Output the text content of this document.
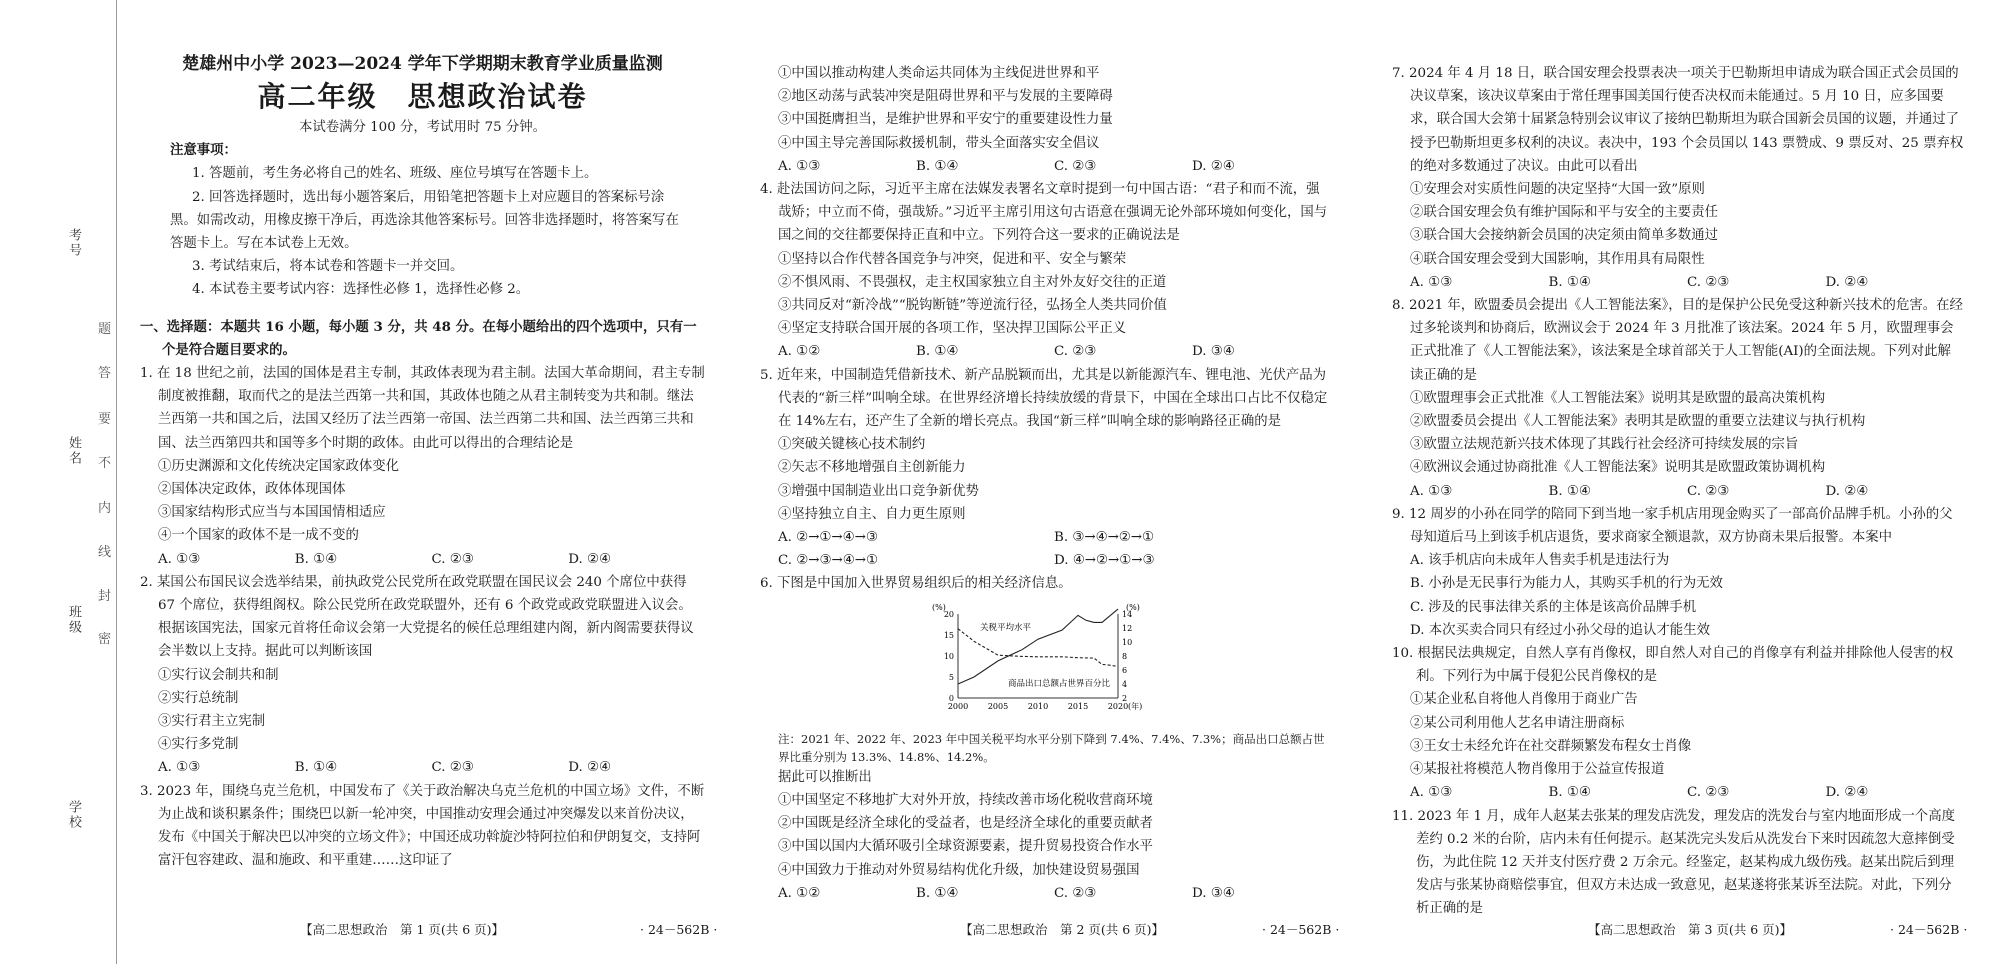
考号
姓名
班级
学校
题
答
要
不
内
线
封
密

楚雄州中小学 2023—2024 学年下学期期末教育学业质量监测

高二年级　思想政治试卷

本试卷满分 100 分，考试用时 75 分钟。

注意事项：

1. 答题前，考生务必将自己的姓名、班级、座位号填写在答题卡上。

2. 回答选择题时，选出每小题答案后，用铅笔把答题卡上对应题目的答案标号涂

黑。如需改动，用橡皮擦干净后，再选涂其他答案标号。回答非选择题时，将答案写在

答题卡上。写在本试卷上无效。

3. 考试结束后，将本试卷和答题卡一并交回。

4. 本试卷主要考试内容：选择性必修 1，选择性必修 2。

一、选择题：本题共 16 小题，每小题 3 分，共 48 分。在每小题给出的四个选项中，只有一个是符合题目要求的。

1. 在 18 世纪之前，法国的国体是君主专制，其政体表现为君主制。法国大革命期间，君主专制制度被推翻，取而代之的是法兰西第一共和国，其政体也随之从君主制转变为共和制。继法兰西第一共和国之后，法国又经历了法兰西第一帝国、法兰西第二共和国、法兰西第三共和国、法兰西第四共和国等多个时期的政体。由此可以得出的合理结论是

①历史渊源和文化传统决定国家政体变化

②国体决定政体，政体体现国体

③国家结构形式应当与本国国情相适应

④一个国家的政体不是一成不变的

A. ①③	B. ①④	C. ②③	D. ②④

2. 某国公布国民议会选举结果，前执政党公民党所在政党联盟在国民议会 240 个席位中获得 67 个席位，获得组阁权。除公民党所在政党联盟外，还有 6 个政党或政党联盟进入议会。根据该国宪法，国家元首将任命议会第一大党提名的候任总理组建内阁，新内阁需要获得议会半数以上支持。据此可以判断该国

①实行议会制共和制

②实行总统制

③实行君主立宪制

④实行多党制

A. ①③	B. ①④	C. ②③	D. ②④

3. 2023 年，围绕乌克兰危机，中国发布了《关于政治解决乌克兰危机的中国立场》文件，不断为止战和谈积累条件；围绕巴以新一轮冲突，中国推动安理会通过冲突爆发以来首份决议，发布《中国关于解决巴以冲突的立场文件》；中国还成功斡旋沙特阿拉伯和伊朗复交，支持阿富汗包容建政、温和施政、和平重建……这印证了

【高二思想政治　第 1 页(共 6 页)】	· 24－562B ·

①中国以推动构建人类命运共同体为主线促进世界和平

②地区动荡与武装冲突是阻碍世界和平与发展的主要障碍

③中国挺膺担当，是维护世界和平安宁的重要建设性力量

④中国主导完善国际救援机制，带头全面落实安全倡议

A. ①③	B. ①④	C. ②③	D. ②④

4. 赴法国访问之际，习近平主席在法媒发表署名文章时提到一句中国古语：“君子和而不流，强哉矫；中立而不倚，强哉矫。”习近平主席引用这句古语意在强调无论外部环境如何变化，国与国之间的交往都要保持正直和中立。下列符合这一要求的正确说法是

①坚持以合作代替各国竞争与冲突，促进和平、安全与繁荣

②不惧风雨、不畏强权，走主权国家独立自主对外友好交往的正道

③共同反对“新冷战”“脱钩断链”等逆流行径，弘扬全人类共同价值

④坚定支持联合国开展的各项工作，坚决捍卫国际公平正义

A. ①②	B. ①④	C. ②③	D. ③④

5. 近年来，中国制造凭借新技术、新产品脱颖而出，尤其是以新能源汽车、锂电池、光伏产品为代表的“新三样”叫响全球。在世界经济增长持续放缓的背景下，中国在全球出口占比不仅稳定在 14%左右，还产生了全新的增长亮点。我国“新三样”叫响全球的影响路径正确的是

①突破关键核心技术制约

②矢志不移地增强自主创新能力

③增强中国制造业出口竞争新优势

④坚持独立自主、自力更生原则

A. ②→①→④→③	B. ③→④→②→①
C. ②→③→④→①	D. ④→②→①→③

6. 下图是中国加入世界贸易组织后的相关经济信息。

(%)	(%)
0
5
10
15
20
2
4
6
8
10
12
14
2000 2005 2010 2015 2020 (年)
关税平均水平
商品出口总额占世界百分比

注：2021 年、2022 年、2023 年中国关税平均水平分别下降到 7.4%、7.4%、7.3%；商品出口总额占世界比重分别为 13.3%、14.8%、14.2%。

据此可以推断出

①中国坚定不移地扩大对外开放，持续改善市场化税收营商环境

②中国既是经济全球化的受益者，也是经济全球化的重要贡献者

③中国以国内大循环吸引全球资源要素，提升贸易投资合作水平

④中国致力于推动对外贸易结构优化升级，加快建设贸易强国

A. ①②	B. ①④	C. ②③	D. ③④
【高二思想政治　第 2 页(共 6 页)】	· 24－562B ·

7. 2024 年 4 月 18 日，联合国安理会投票表决一项关于巴勒斯坦申请成为联合国正式会员国的决议草案，该决议草案由于常任理事国美国行使否决权而未能通过。5 月 10 日，应多国要求，联合国大会第十届紧急特别会议审议了接纳巴勒斯坦为联合国新会员国的议题，并通过了授予巴勒斯坦更多权利的决议。表决中，193 个会员国以 143 票赞成、9 票反对、25 票弃权的绝对多数通过了决议。由此可以看出

①安理会对实质性问题的决定坚持“大国一致”原则

②联合国安理会负有维护国际和平与安全的主要责任

③联合国大会接纳新会员国的决定须由简单多数通过

④联合国安理会受到大国影响，其作用具有局限性

A. ①③	B. ①④	C. ②③	D. ②④

8. 2021 年，欧盟委员会提出《人工智能法案》，目的是保护公民免受这种新兴技术的危害。在经过多轮谈判和协商后，欧洲议会于 2024 年 3 月批准了该法案。2024 年 5 月，欧盟理事会正式批准了《人工智能法案》，该法案是全球首部关于人工智能(AI)的全面法规。下列对此解读正确的是

①欧盟理事会正式批准《人工智能法案》说明其是欧盟的最高决策机构

②欧盟委员会提出《人工智能法案》表明其是欧盟的重要立法建议与执行机构

③欧盟立法规范新兴技术体现了其践行社会经济可持续发展的宗旨

④欧洲议会通过协商批准《人工智能法案》说明其是欧盟政策协调机构

A. ①③	B. ①④	C. ②③	D. ②④

9. 12 周岁的小孙在同学的陪同下到当地一家手机店用现金购买了一部高价品牌手机。小孙的父母知道后马上到该手机店退货，要求商家全额退款，双方协商未果后报警。本案中

A. 该手机店向未成年人售卖手机是违法行为

B. 小孙是无民事行为能力人，其购买手机的行为无效

C. 涉及的民事法律关系的主体是该高价品牌手机

D. 本次买卖合同只有经过小孙父母的追认才能生效

10. 根据民法典规定，自然人享有肖像权，即自然人对自己的肖像享有利益并排除他人侵害的权利。下列行为中属于侵犯公民肖像权的是

①某企业私自将他人肖像用于商业广告

②某公司利用他人艺名申请注册商标

③王女士未经允许在社交群频繁发布程女士肖像

④某报社将模范人物肖像用于公益宣传报道

A. ①③	B. ①④	C. ②③	D. ②④

11. 2023 年 1 月，成年人赵某去张某的理发店洗发，理发店的洗发台与室内地面形成一个高度差约 0.2 米的台阶，店内未有任何提示。赵某洗完头发后从洗发台下来时因疏忽大意摔倒受伤，为此住院 12 天并支付医疗费 2 万余元。经鉴定，赵某构成九级伤残。赵某出院后到理发店与张某协商赔偿事宜，但双方未达成一致意见，赵某遂将张某诉至法院。对此，下列分析正确的是

【高二思想政治　第 3 页(共 6 页)】	· 24－562B ·
